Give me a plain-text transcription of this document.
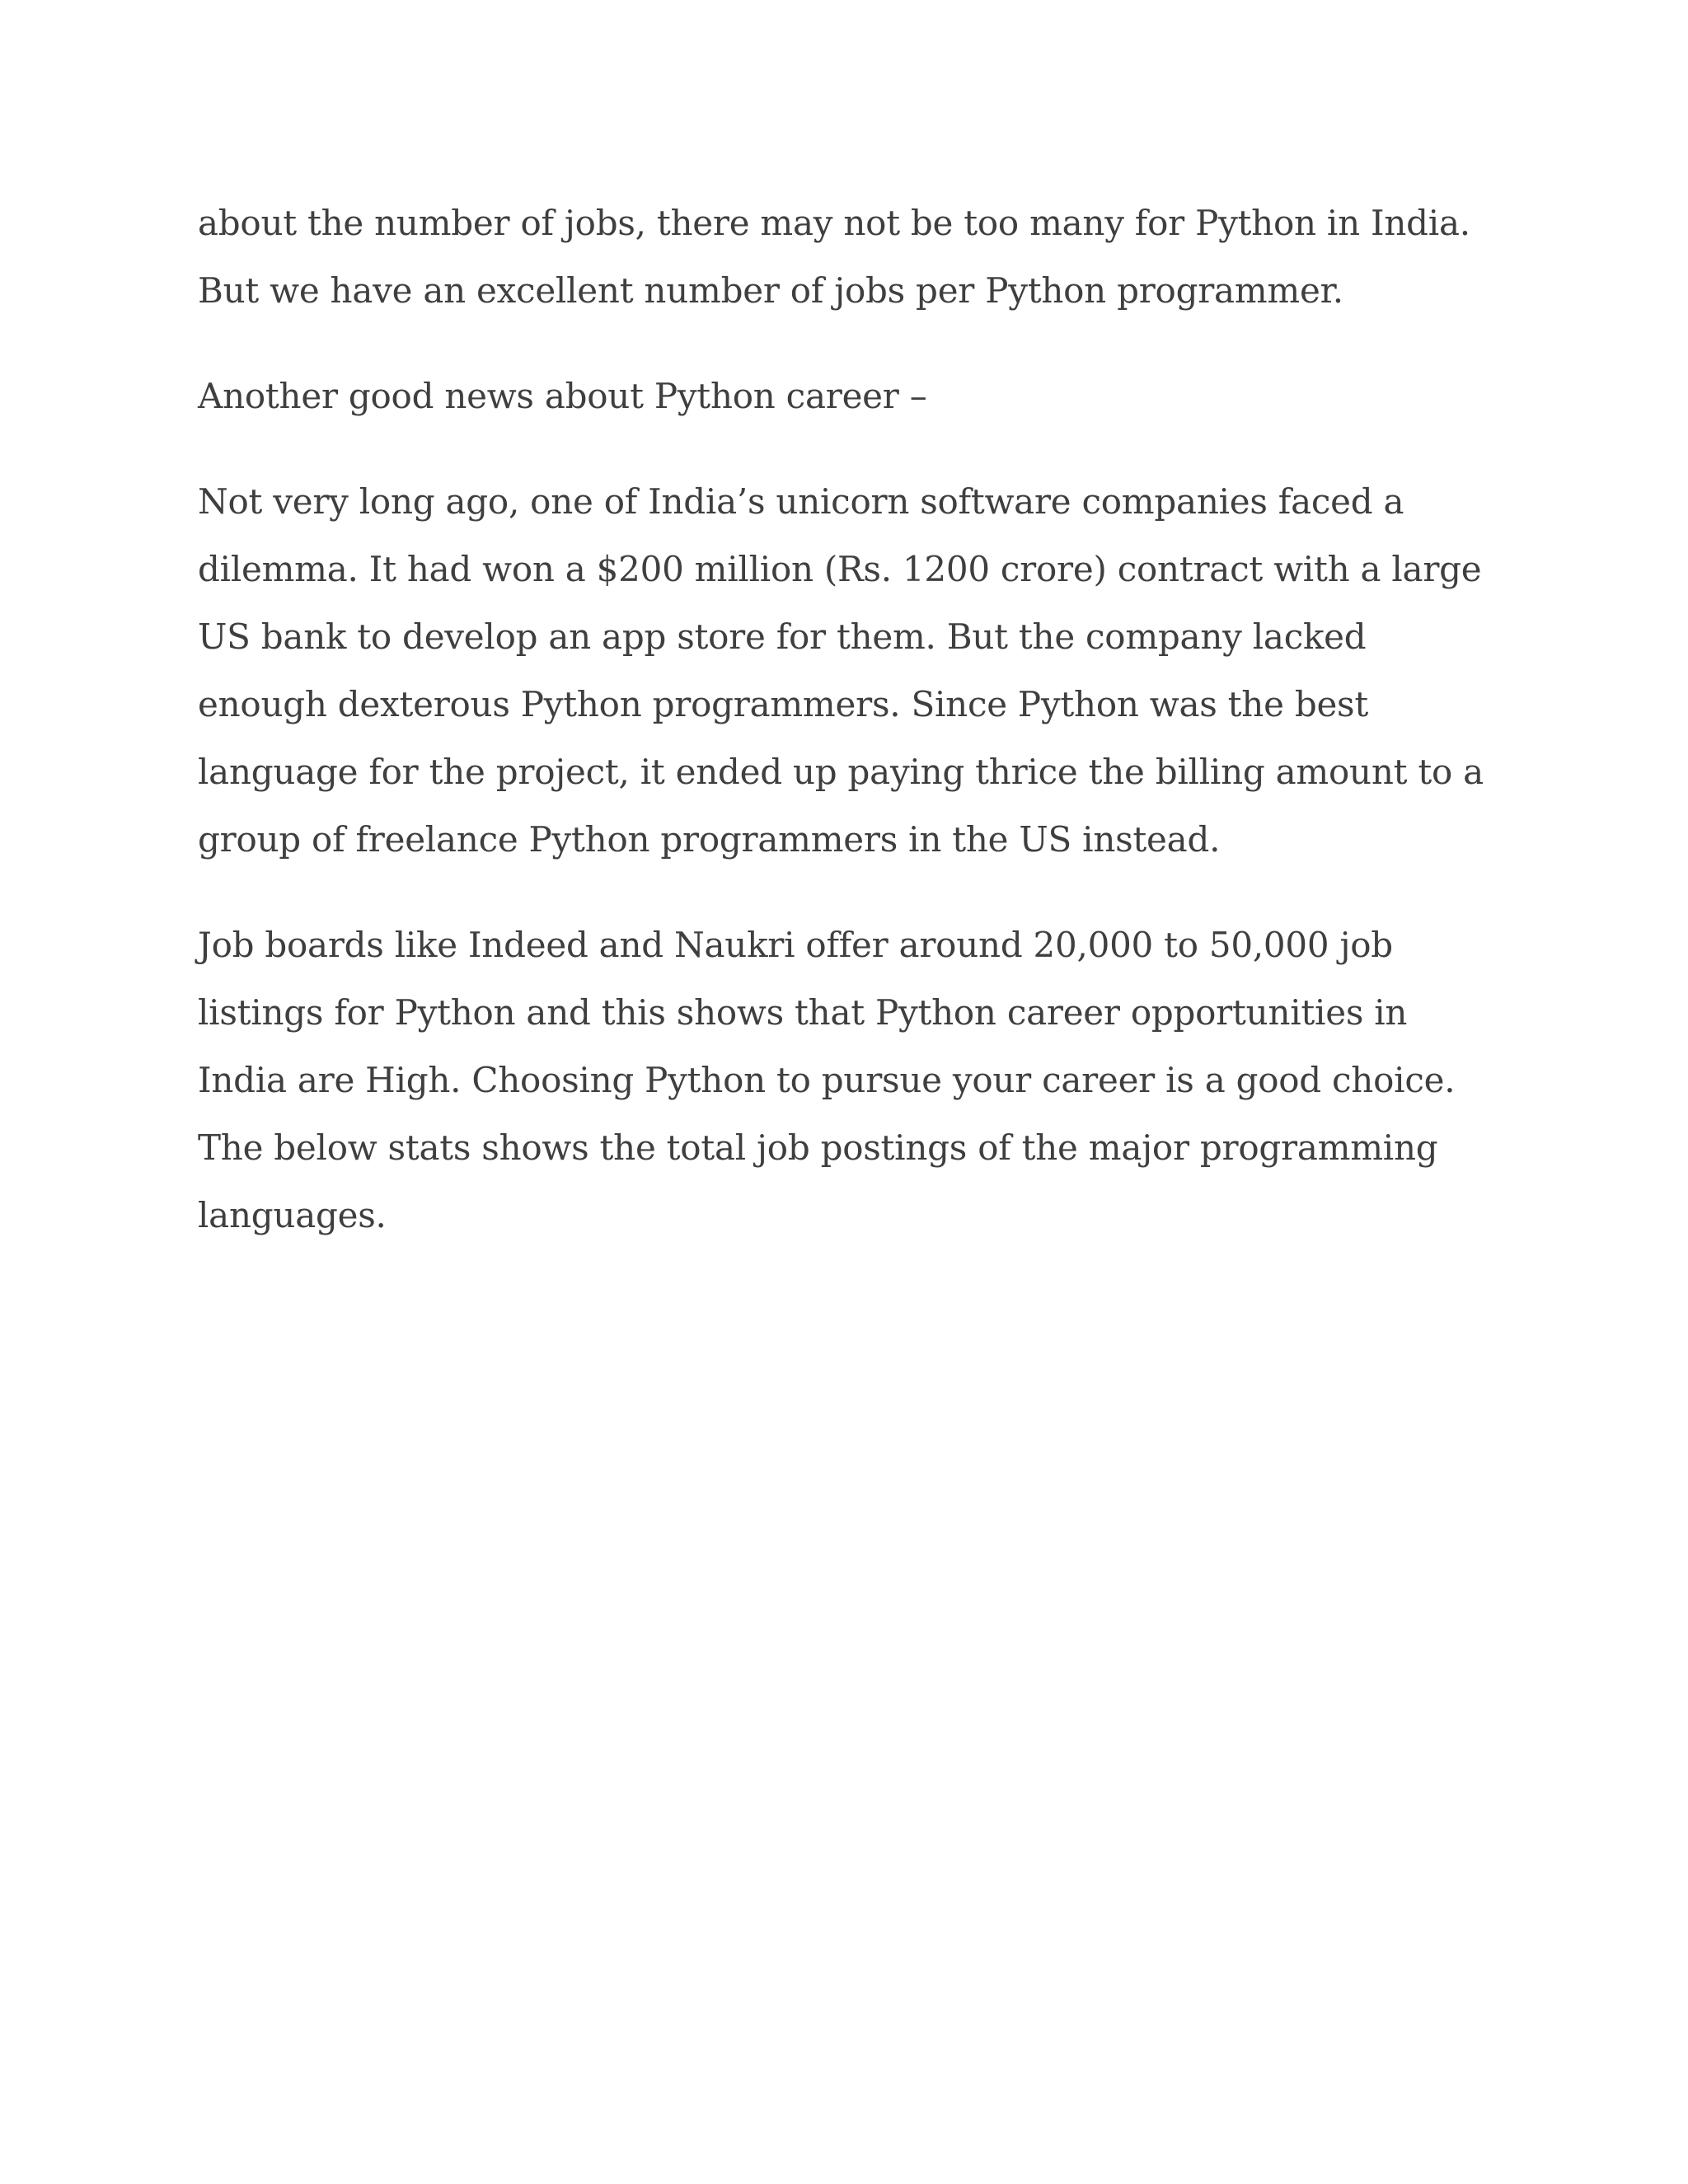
about the number of jobs, there may not be too many for Python in India. But we have an excellent number of jobs per Python programmer.

Another good news about Python career –

Not very long ago, one of India’s unicorn software companies faced a dilemma. It had won a $200 million (Rs. 1200 crore) contract with a large US bank to develop an app store for them. But the company lacked enough dexterous Python programmers. Since Python was the best language for the project, it ended up paying thrice the billing amount to a group of freelance Python programmers in the US instead.

Job boards like Indeed and Naukri offer around 20,000 to 50,000 job listings for Python and this shows that Python career opportunities in India are High. Choosing Python to pursue your career is a good choice. The below stats shows the total job postings of the major programming languages.
